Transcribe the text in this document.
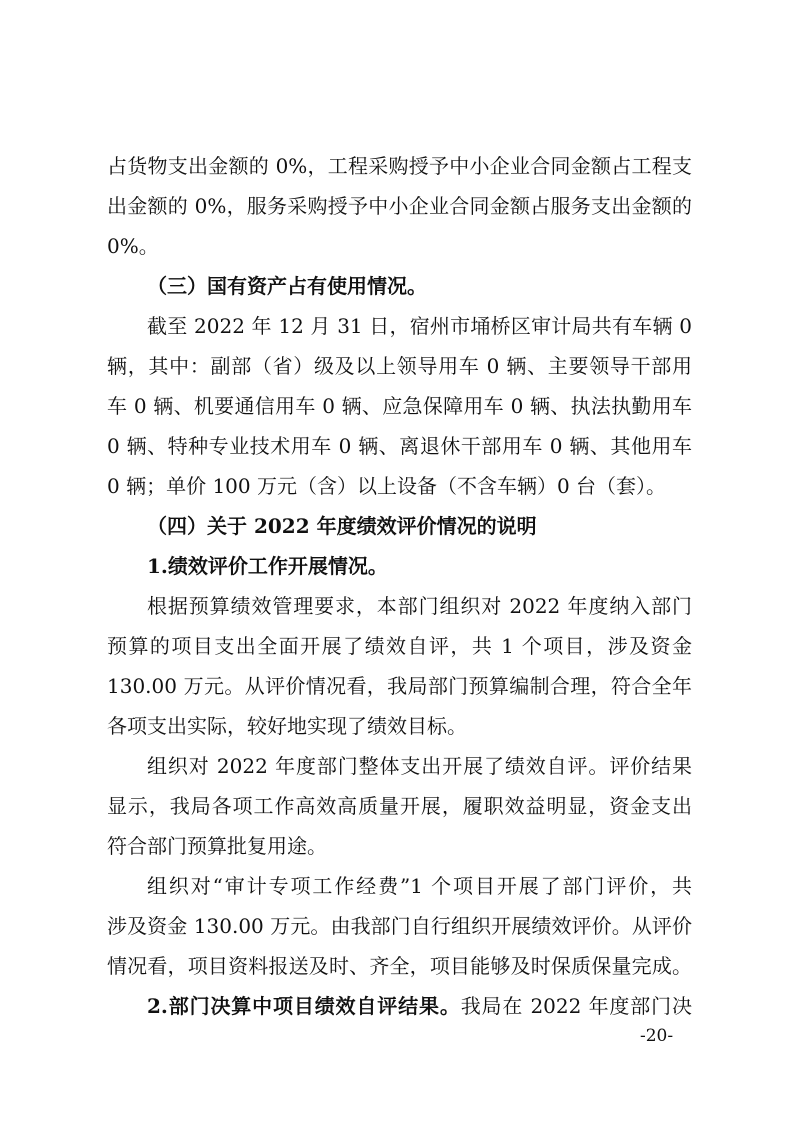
占货物支出金额的 0%，工程采购授予中小企业合同金额占工程支
出金额的 0%，服务采购授予中小企业合同金额占服务支出金额的
0%。
（三）国有资产占有使用情况。
截至 2022 年 12 月 31 日，宿州市埇桥区审计局共有车辆 0
辆，其中：副部（省）级及以上领导用车 0 辆、主要领导干部用
车 0 辆、机要通信用车 0 辆、应急保障用车 0 辆、执法执勤用车
0 辆、特种专业技术用车 0 辆、离退休干部用车 0 辆、其他用车
0 辆；单价 100 万元（含）以上设备（不含车辆）0 台（套）。
（四）关于 2022 年度绩效评价情况的说明
1.绩效评价工作开展情况。
根据预算绩效管理要求，本部门组织对 2022 年度纳入部门
预算的项目支出全面开展了绩效自评，共 1 个项目，涉及资金
130.00 万元。从评价情况看，我局部门预算编制合理，符合全年
各项支出实际，较好地实现了绩效目标。
组织对 2022 年度部门整体支出开展了绩效自评。评价结果
显示，我局各项工作高效高质量开展，履职效益明显，资金支出
符合部门预算批复用途。
组织对“审计专项工作经费”1 个项目开展了部门评价，共
涉及资金 130.00 万元。由我部门自行组织开展绩效评价。从评价
情况看，项目资料报送及时、齐全，项目能够及时保质保量完成。
2.部门决算中项目绩效自评结果。我局在 2022 年度部门决
-20-
